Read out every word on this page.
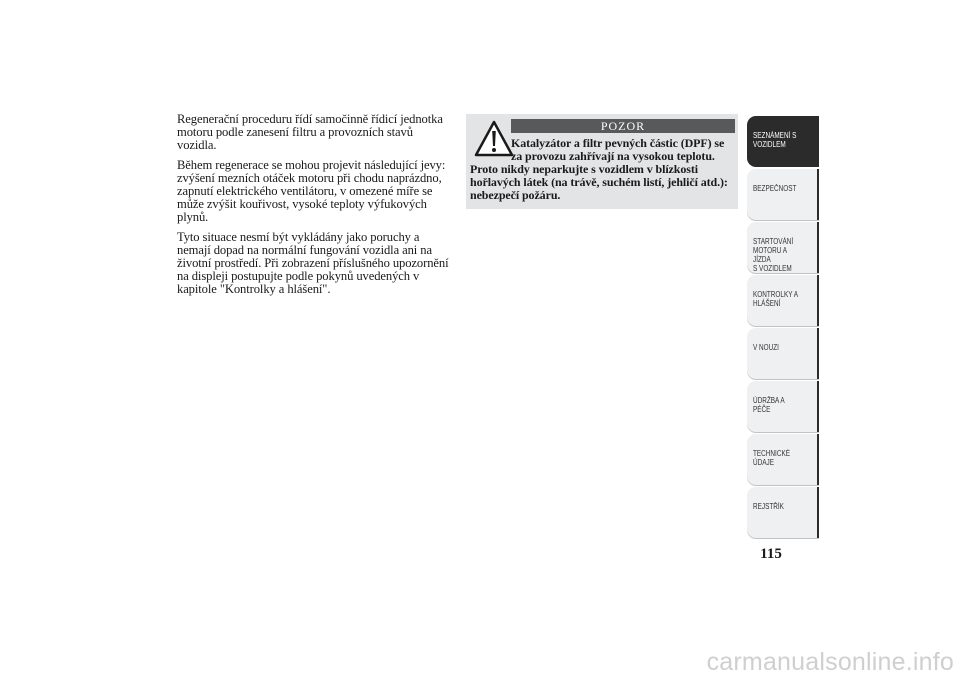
Regenerační proceduru řídí samočinně řídicí jednotka motoru podle zanesení filtru a provozních stavů vozidla.

Během regenerace se mohou projevit následující jevy: zvýšení mezních otáček motoru při chodu naprázdno, zapnutí elektrického ventilátoru, v omezené míře se může zvýšit kouřivost, vysoké teploty výfukových plynů.

Tyto situace nesmí být vykládány jako poruchy a nemají dopad na normální fungování vozidla ani na životní prostředí. Při zobrazení příslušného upozornění na displeji postupujte podle pokynů uvedených v kapitole "Kontrolky a hlášení".

POZOR
Katalyzátor a filtr pevných částic (DPF) se
za provozu zahřívají na vysokou teplotu.
Proto nikdy neparkujte s vozidlem v blízkosti hořlavých látek (na trávě, suchém listí, jehličí atd.): nebezpečí požáru.
SEZNÁMENÍ S
VOZIDLEM
BEZPEČNOST
STARTOVÁNÍ
MOTORU A JÍZDA
S VOZIDLEM
KONTROLKY A
HLÁŠENÍ
V NOUZI
ÚDRŽBA A PÉČE
TECHNICKÉ
ÚDAJE
REJSTŘÍK
115
carmanualsonline.info
